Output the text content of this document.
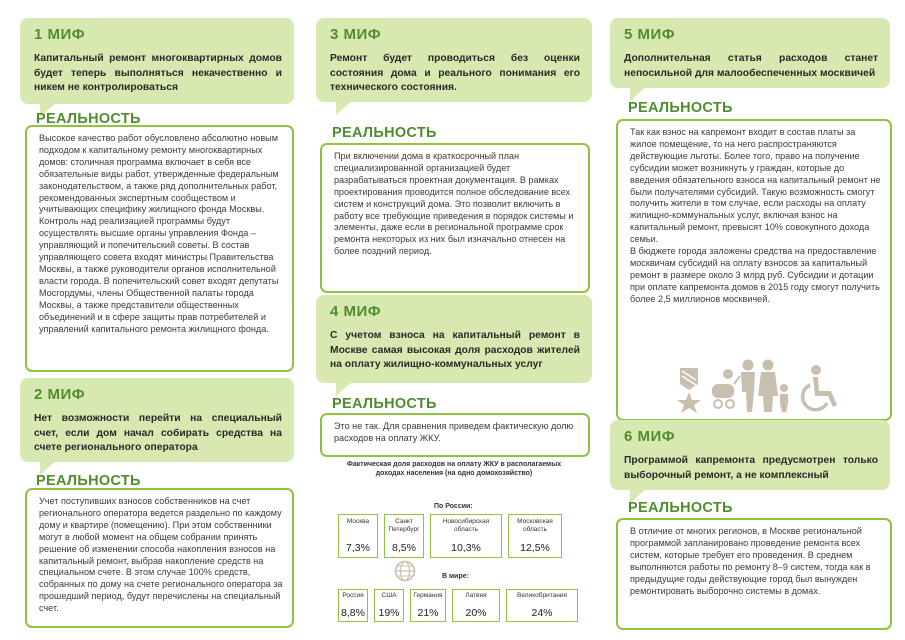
1 МИФ
Капитальный ремонт многоквартирных домов будет теперь выполняться некачественно и никем не контролироваться
РЕАЛЬНОСТЬ

Высокое качество работ обусловлено абсолютно новым подходом к капитальному ремонту многоквартирных домов: столичная программа включает в себя все обязательные виды работ, утвержденные федеральным законодательством, а также ряд дополнительных работ, рекомендованных экспертным сообществом и учитывающих специфику жилищного фонда Москвы.

Контроль над реализацией программы будут осуществлять высшие органы управления Фонда – управляющий и попечительский советы. В состав управляющего совета входят министры Правительства Москвы, а также руководители органов исполнительной власти города. В попечительский совет входят депутаты Мосгордумы, члены Общественной палаты города Москвы, а также представители общественных объединений и в сфере защиты прав потребителей и управлений капитального ремонта жилищного фонда.

2 МИФ
Нет возможности перейти на специальный счет, если дом начал собирать средства на счете регионального оператора
РЕАЛЬНОСТЬ

Учет поступивших взносов собственников на счет регионального оператора ведется раздельно по каждому дому и квартире (помещению). При этом собственники могут в любой момент на общем собрании принять решение об изменении способа накопления взносов на капитальный ремонт, выбрав накопление средств на специальном счете. В этом случае 100% средств, собранных по дому на счете регионального оператора за прошедший период, будут перечислены на специальный счет.

3 МИФ
Ремонт будет проводиться без оценки состояния дома и реального понимания его технического состояния.
РЕАЛЬНОСТЬ

При включении дома в краткосрочный план специализированной организацией будет разрабатываться проектная документация. В рамках проектирования проводится полное обследование всех систем и конструкций дома. Это позволит включить в работу все требующие приведения в порядок системы и элементы, даже если в региональной программе срок ремонта некоторых из них был изначально отнесен на более поздний период.

4 МИФ
С учетом взноса на капитальный ремонт в Москве самая высокая доля расходов жителей на оплату жилищно-коммунальных услуг
РЕАЛЬНОСТЬ

Это не так. Для сравнения приведем фактическую долю расходов на оплату ЖКУ.

Фактическая доля расходов на оплату ЖКУ в располагаемых доходах населения (на одно домохозяйство)
По России:
Москва
7,3%
Санкт Петербург
8,5%
Новосибирская область
10,3%
Московская область
12,5%
В мире:
Россия
8,8%
США
19%
Германия
21%
Латвия
20%
Великобритания
24%
5 МИФ
Дополнительная статья расходов станет непосильной для малообеспеченных москвичей
РЕАЛЬНОСТЬ

Так как взнос на капремонт входит в состав платы за жилое помещение, то на него распространяются действующие льготы. Более того, право на получение субсидии может возникнуть у граждан, которые до введения обязательного взноса на капитальный ремонт не были получателями субсидий. Такую возможность смогут получить жители в том случае, если расходы на оплату жилищно-коммунальных услуг, включая взнос на капитальный ремонт, превысят 10% совокупного дохода семьи.

В бюджете города заложены средства на предоставление москвичам субсидий на оплату взносов за капитальный ремонт в размере около 3 млрд руб. Субсидии и дотации при оплате капремонта домов в 2015 году смогут получить более 2,5 миллионов москвичей.

6 МИФ
Программой капремонта предусмотрен только выборочный ремонт, а не комплексный
РЕАЛЬНОСТЬ

В отличие от многих регионов, в Москве региональной программой запланировано проведение ремонта всех систем, которые требует его проведения. В среднем выполняются работы по ремонту 8–9 систем, тогда как в предыдущие годы действующие город был вынужден ремонтировать выборочно системы в домах.
